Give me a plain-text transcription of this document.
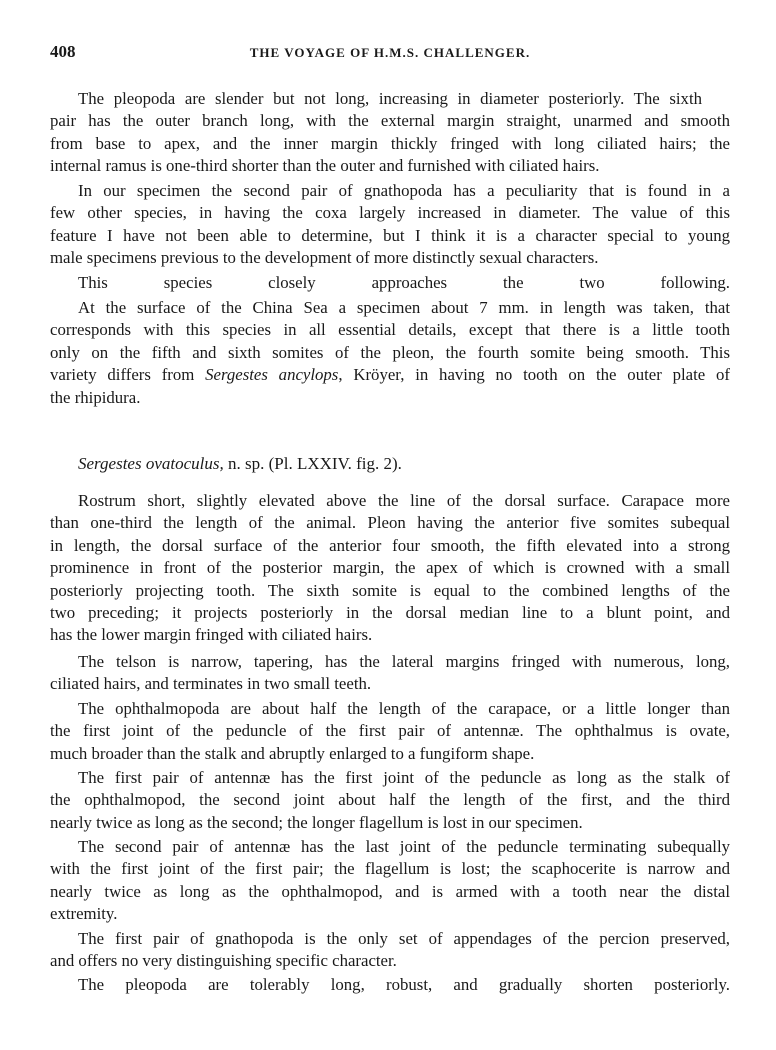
408	THE VOYAGE OF H.M.S. CHALLENGER.
The pleopoda are slender but not long, increasing in diameter posteriorly. The sixth
pair has the outer branch long, with the external margin straight, unarmed and smooth
from base to apex, and the inner margin thickly fringed with long ciliated hairs; the
internal ramus is one-third shorter than the outer and furnished with ciliated hairs.
In our specimen the second pair of gnathopoda has a peculiarity that is found in a
few other species, in having the coxa largely increased in diameter. The value of this
feature I have not been able to determine, but I think it is a character special to young
male specimens previous to the development of more distinctly sexual characters.
This species closely approaches the two following.
At the surface of the China Sea a specimen about 7 mm. in length was taken, that
corresponds with this species in all essential details, except that there is a little tooth
only on the fifth and sixth somites of the pleon, the fourth somite being smooth. This
variety differs from Sergestes ancylops, Kröyer, in having no tooth on the outer plate of
the rhipidura.
Sergestes ovatoculus, n. sp. (Pl. LXXIV. fig. 2).
Rostrum short, slightly elevated above the line of the dorsal surface. Carapace more
than one-third the length of the animal. Pleon having the anterior five somites subequal
in length, the dorsal surface of the anterior four smooth, the fifth elevated into a strong
prominence in front of the posterior margin, the apex of which is crowned with a small
posteriorly projecting tooth. The sixth somite is equal to the combined lengths of the
two preceding; it projects posteriorly in the dorsal median line to a blunt point, and
has the lower margin fringed with ciliated hairs.
The telson is narrow, tapering, has the lateral margins fringed with numerous, long,
ciliated hairs, and terminates in two small teeth.
The ophthalmopoda are about half the length of the carapace, or a little longer than
the first joint of the peduncle of the first pair of antennæ. The ophthalmus is ovate,
much broader than the stalk and abruptly enlarged to a fungiform shape.
The first pair of antennæ has the first joint of the peduncle as long as the stalk of
the ophthalmopod, the second joint about half the length of the first, and the third
nearly twice as long as the second; the longer flagellum is lost in our specimen.
The second pair of antennæ has the last joint of the peduncle terminating subequally
with the first joint of the first pair; the flagellum is lost; the scaphocerite is narrow and
nearly twice as long as the ophthalmopod, and is armed with a tooth near the distal
extremity.
The first pair of gnathopoda is the only set of appendages of the percion preserved,
and offers no very distinguishing specific character.
The pleopoda are tolerably long, robust, and gradually shorten posteriorly.
